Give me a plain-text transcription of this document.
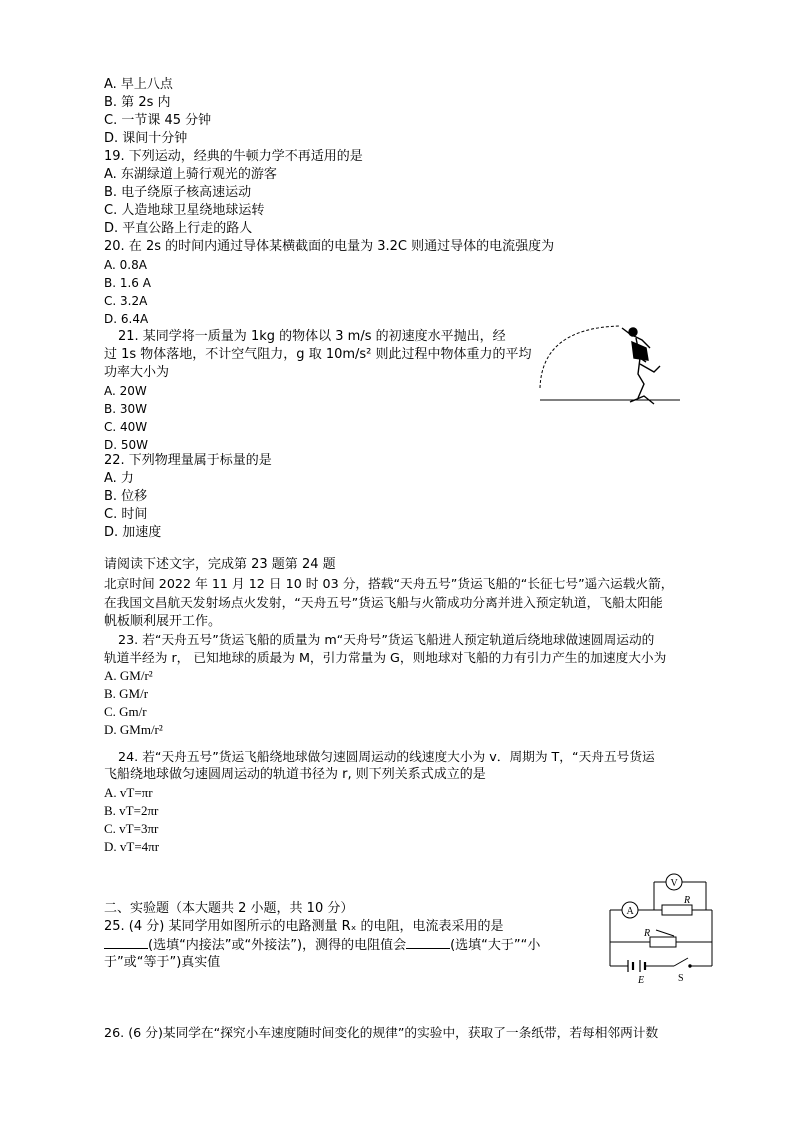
A. 早上八点
B. 第 2s 内
C. 一节课 45 分钟
D. 课间十分钟
19. 下列运动，经典的牛顿力学不再适用的是
A. 东湖绿道上骑行观光的游客
B. 电子绕原子核高速运动
C. 人造地球卫星绕地球运转
D. 平直公路上行走的路人
20. 在 2s 的时间内通过导体某横截面的电量为 3.2C 则通过导体的电流强度为
A. 0.8A
B. 1.6 A
C. 3.2A
D. 6.4A
21. 某同学将一质量为 1kg 的物体以 3 m/s 的初速度水平抛出，经
过 1s 物体落地，不计空气阻力，g 取 10m/s² 则此过程中物体重力的平均
功率大小为
A. 20W
B. 30W
C. 40W
D. 50W
22. 下列物理量属于标量的是
A. 力
B. 位移
C. 时间
D. 加速度
请阅读下述文字，完成第 23 题第 24 题
北京时间 2022 年 11 月 12 日 10 时 03 分，搭载“天舟五号”货运飞船的“长征七号”遥六运载火箭，
在我国文昌航天发射场点火发射，“天舟五号”货运飞船与火箭成功分离并进入预定轨道，飞船太阳能
帆板顺利展开工作。
23. 若“天舟五号”货运飞船的质量为 m“天舟号”货运飞船进人预定轨道后绕地球做速圆周运动的
轨道半经为 r， 已知地球的质最为 M，引力常量为 G，则地球对飞船的力有引力产生的加速度大小为
A. GM/r²
B. GM/r
C. Gm/r
D. GMm/r²
24. 若“天舟五号”货运飞船绕地球做匀速圆周运动的线速度大小为 v．周期为 T，“天舟五号货运
飞船绕地球做匀速圆周运动的轨道书径为 r, 则下列关系式成立的是
A. vT=πr
B. vT=2πr
C. vT=3πr
D. vT=4πr
二、实验题（本大题共 2 小题，共 10 分）
25. (4 分) 某同学用如图所示的电路测量 Rₓ 的电阻，电流表采用的是
(选填“内接法”或“外接法”)，测得的电阻值会	(选填“大于”“小
于”或“等于”)真实值
V
A
R
R
E	S
26. (6 分)某同学在“探究小车速度随时间变化的规律”的实验中，获取了一条纸带，若每相邻两计数
